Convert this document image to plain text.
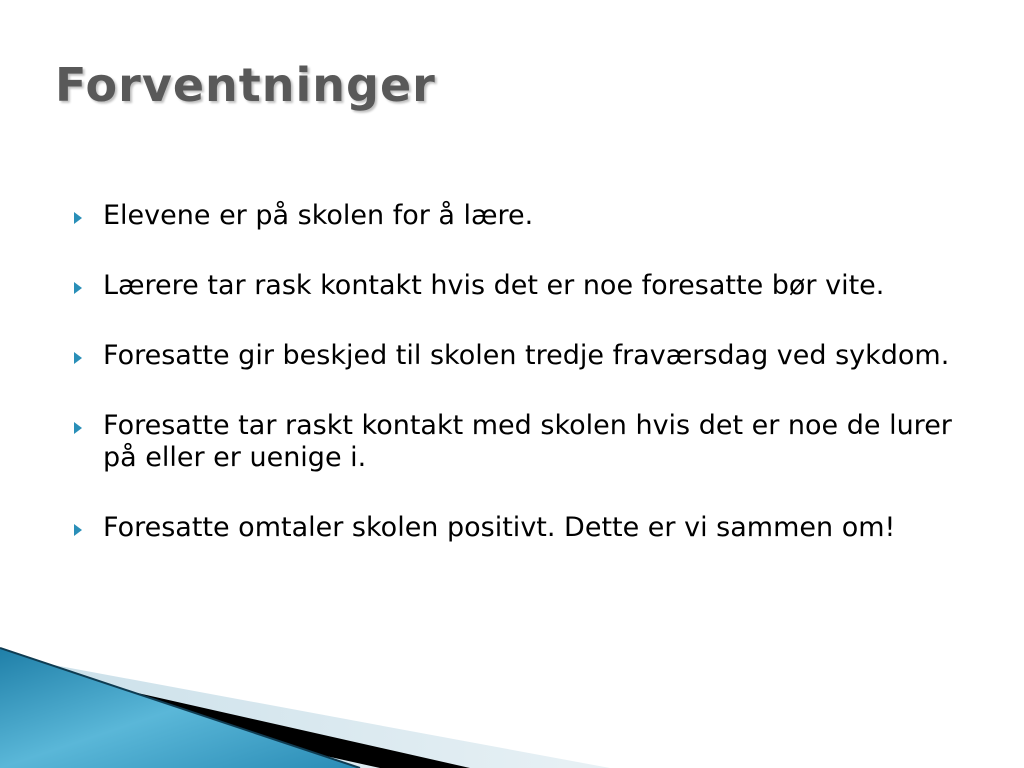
Forventninger
Elevene er på skolen for å lære.
Lærere tar rask kontakt hvis det er noe foresatte bør vite.
Foresatte gir beskjed til skolen tredje fraværsdag ved sykdom.
Foresatte tar raskt kontakt med skolen hvis det er noe de lurer på eller er uenige i.
Foresatte omtaler skolen positivt. Dette er vi sammen om!
